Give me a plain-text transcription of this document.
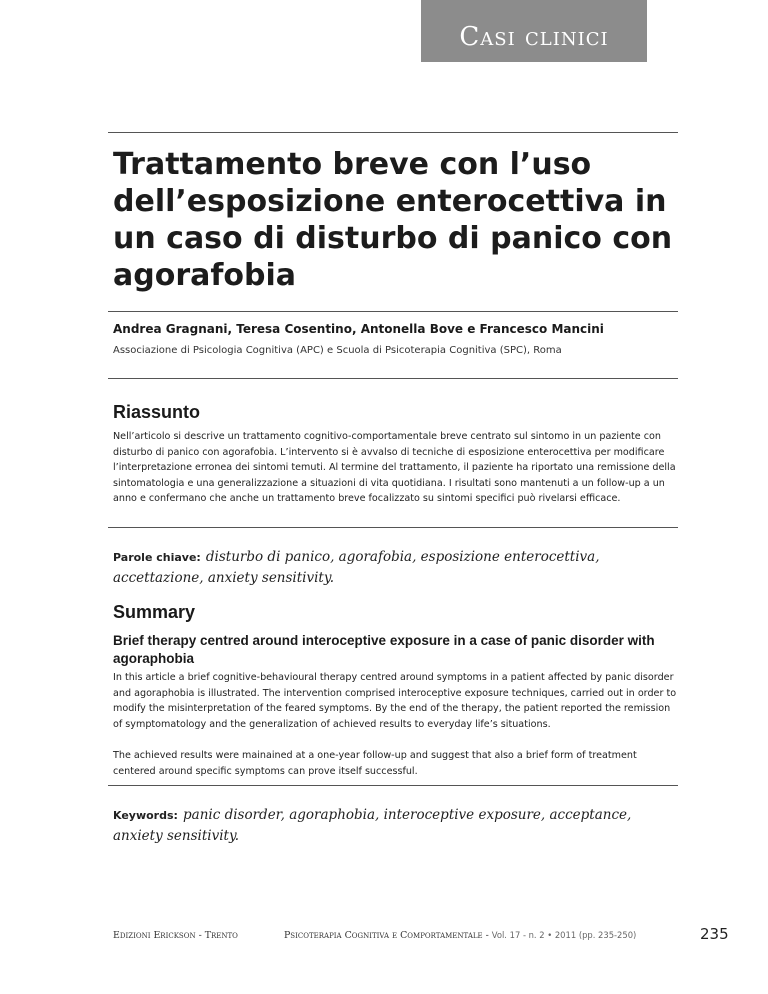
Casi clinici
Trattamento breve con l’uso dell’esposizione enterocettiva in un caso di disturbo di panico con agorafobia

Andrea Gragnani, Teresa Cosentino, Antonella Bove e Francesco Mancini

Associazione di Psicologia Cognitiva (APC) e Scuola di Psicoterapia Cognitiva (SPC), Roma

Riassunto

Nell’articolo si descrive un trattamento cognitivo-comportamentale breve centrato sul sintomo in un paziente con disturbo di panico con agorafobia. L’intervento si è avvalso di tecniche di esposizione enterocettiva per modificare l’interpretazione erronea dei sintomi temuti. Al termine del trattamento, il paziente ha riportato una remissione della sintomatologia e una generalizzazione a situazioni di vita quotidiana. I risultati sono mantenuti a un follow-up a un anno e confermano che anche un trattamento breve focalizzato su sintomi specifici può rivelarsi efficace.

Parole chiave: disturbo di panico, agorafobia, esposizione enterocettiva, accettazione, anxiety sensitivity.

Summary
Brief therapy centred around interoceptive exposure in a case of panic disorder with agoraphobia

In this article a brief cognitive-behavioural therapy centred around symptoms in a patient affected by panic disorder and agoraphobia is illustrated. The intervention comprised interoceptive exposure techniques, carried out in order to modify the misinterpretation of the feared symptoms. By the end of the therapy, the patient reported the remission of symptomatology and the generalization of achieved results to everyday life’s situations.

The achieved results were mainained at a one-year follow-up and suggest that also a brief form of treatment centered around specific symptoms can prove itself successful.

Keywords: panic disorder, agoraphobia, interoceptive exposure, acceptance, anxiety sensitivity.

Edizioni Erickson - Trento	Psicoterapia Cognitiva e Comportamentale - Vol. 17 - n. 2 • 2011 (pp. 235-250)	235
